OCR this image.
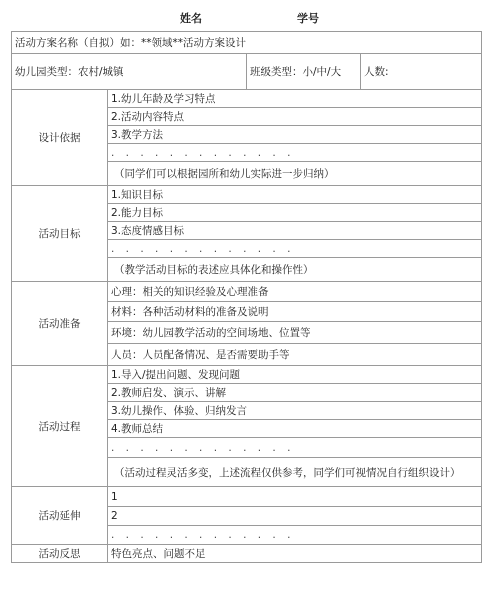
姓名	学号
活动方案名称（自拟）如：**领域**活动方案设计			
幼儿园类型：农村/城镇		班级类型：小/中/大	人数:
设计依据	1.幼儿年龄及学习特点		
	2.活动内容特点		
	3.教学方法		
	. . . . . . . . . . . . .		
	（同学们可以根据园所和幼儿实际进一步归纳）		
活动目标	1.知识目标		
	2.能力目标		
	3.态度情感目标		
	. . . . . . . . . . . . .		
	（教学活动目标的表述应具体化和操作性）		
活动准备	心理：相关的知识经验及心理准备		
	材料：各种活动材料的准备及说明		
	环境：幼儿园教学活动的空间场地、位置等		
	人员：人员配备情况、是否需要助手等		
活动过程	1.导入/提出问题、发现问题		
	2.教师启发、演示、讲解		
	3.幼儿操作、体验、归纳发言		
	4.教师总结		
	. . . . . . . . . . . . .		
	（活动过程灵活多变，上述流程仅供参考，同学们可视情况自行组织设计）		
活动延伸	1		
	2		
	. . . . . . . . . . . . .		
活动反思	特色亮点、问题不足		
